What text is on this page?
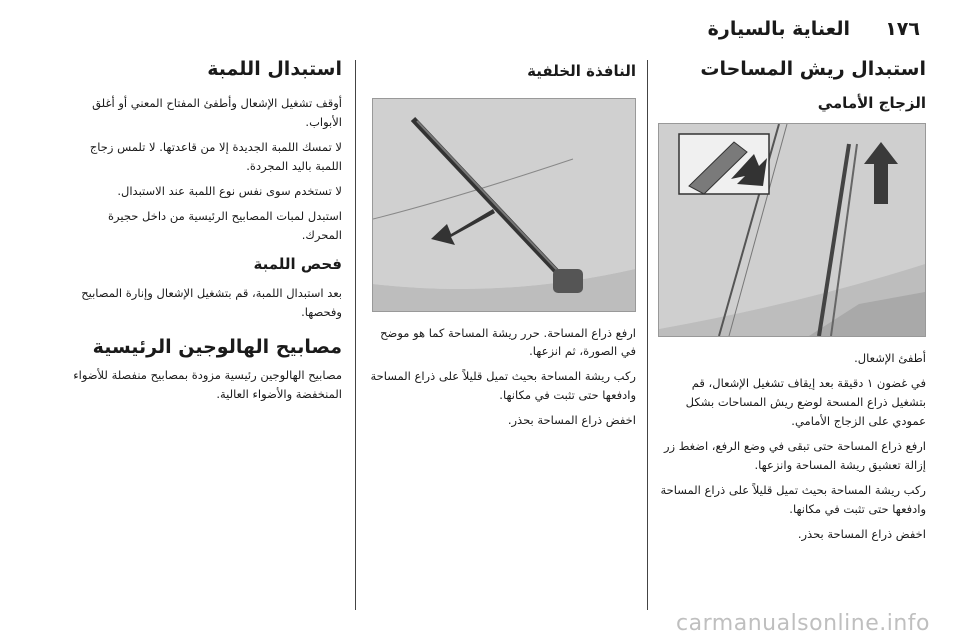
العناية بالسيارة ١٧٦
استبدال ريش المساحات
الزجاج الأمامي
أطفئ الإشعال.
في غضون ١ دقيقة بعد إيقاف تشغيل الإشعال، قم بتشغيل ذراع المسحة لوضع ريش المساحات بشكل عمودي على الزجاج الأمامي.
ارفع ذراع المساحة حتى تبقى في وضع الرفع، اضغط زر إزالة تعشيق ريشة المساحة وانزعها.
ركب ريشة المساحة بحيث تميل قليلاً على ذراع المساحة وادفعها حتى تثبت في مكانها.
اخفض ذراع المساحة بحذر.
النافذة الخلفية
ارفع ذراع المساحة. حرر ريشة المساحة كما هو موضح في الصورة، ثم انزعها.
ركب ريشة المساحة بحيث تميل قليلاً على ذراع المساحة وادفعها حتى تثبت في مكانها.
اخفض ذراع المساحة بحذر.
استبدال اللمبة
أوقف تشغيل الإشعال وأطفئ المفتاح المعني أو أغلق الأبواب.
لا تمسك اللمبة الجديدة إلا من قاعدتها. لا تلمس زجاج اللمبة باليد المجردة.
لا تستخدم سوى نفس نوع اللمبة عند الاستبدال.
استبدل لمبات المصابيح الرئيسية من داخل حجيرة المحرك.
فحص اللمبة
بعد استبدال اللمبة، قم بتشغيل الإشعال وإنارة المصابيح وفحصها.
مصابيح الهالوجين الرئيسية
مصابيح الهالوجين رئيسية مزودة بمصابيح منفصلة للأضواء المنخفضة والأضواء العالية.
carmanualsonline.info
